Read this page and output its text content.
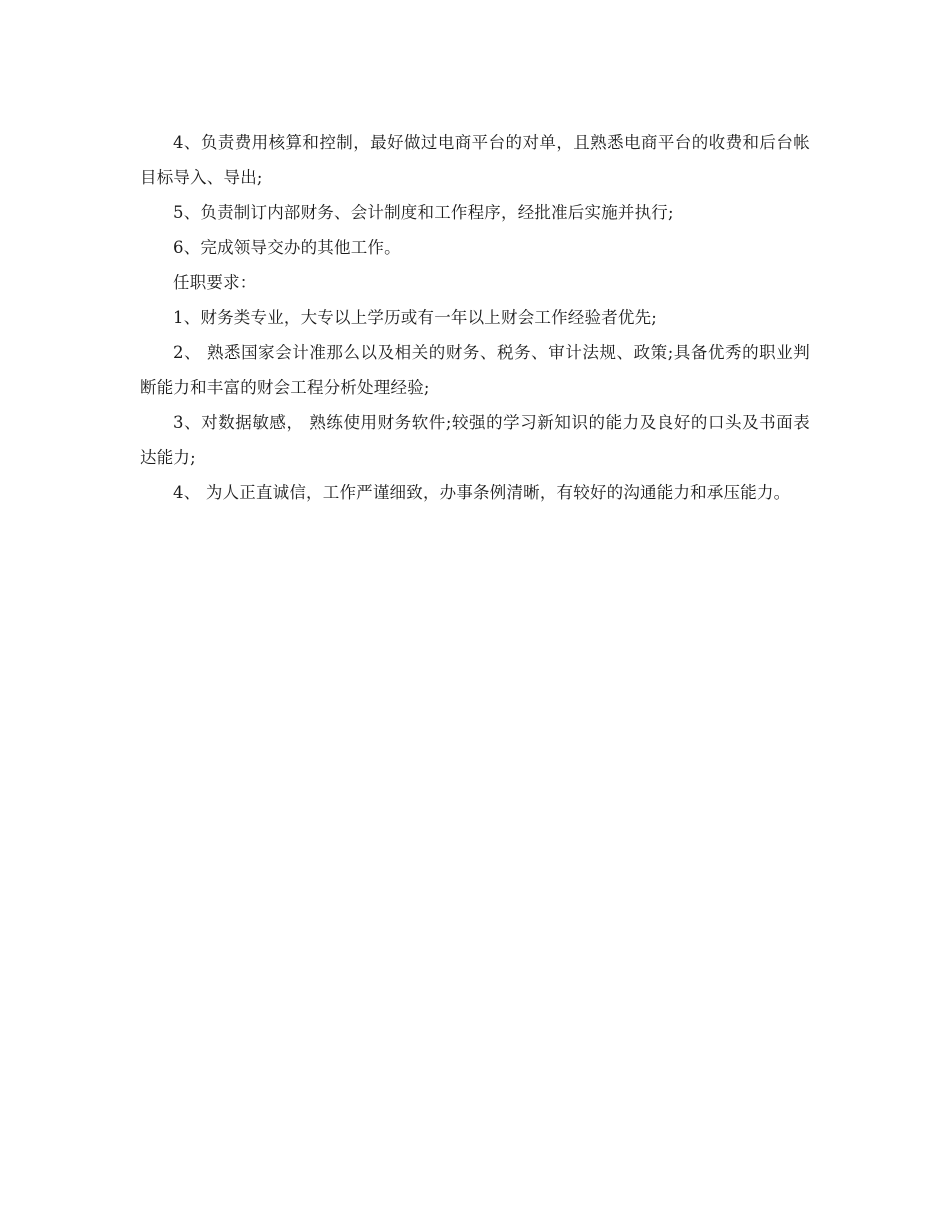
4、负责费用核算和控制，最好做过电商平台的对单，且熟悉电商平台的收费和后台帐目标导入、导出;

5、负责制订内部财务、会计制度和工作程序，经批准后实施并执行;

6、完成领导交办的其他工作。

任职要求：

1、财务类专业，大专以上学历或有一年以上财会工作经验者优先;

2、 熟悉国家会计准那么以及相关的财务、税务、审计法规、政策;具备优秀的职业判断能力和丰富的财会工程分析处理经验;

3、对数据敏感， 熟练使用财务软件;较强的学习新知识的能力及良好的口头及书面表达能力;

4、 为人正直诚信，工作严谨细致，办事条例清晰，有较好的沟通能力和承压能力。
